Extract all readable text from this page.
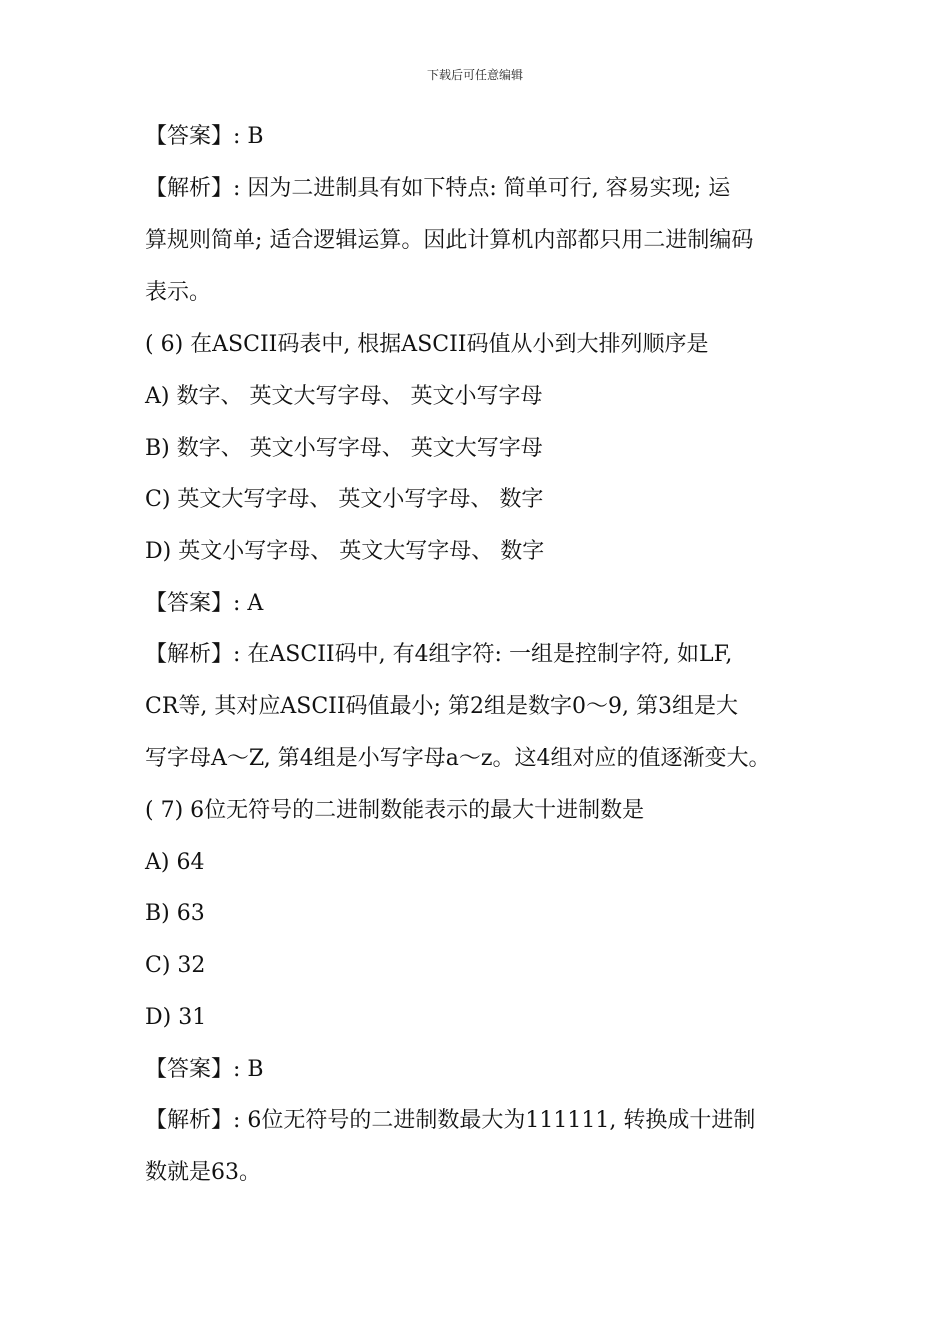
下载后可任意编辑
【答案】: B
【解析】: 因为二进制具有如下特点: 简单可行, 容易实现; 运
算规则简单; 适合逻辑运算。因此计算机内部都只用二进制编码
表示。
( 6) 在ASCII码表中, 根据ASCII码值从小到大排列顺序是
A) 数字、 英文大写字母、 英文小写字母
B) 数字、 英文小写字母、 英文大写字母
C) 英文大写字母、 英文小写字母、 数字
D) 英文小写字母、 英文大写字母、 数字
【答案】: A
【解析】: 在ASCII码中, 有4组字符: 一组是控制字符, 如LF,
CR等, 其对应ASCII码值最小; 第2组是数字0～9, 第3组是大
写字母A～Z, 第4组是小写字母a～z。这4组对应的值逐渐变大。
( 7) 6位无符号的二进制数能表示的最大十进制数是
A) 64
B) 63
C) 32
D) 31
【答案】: B
【解析】: 6位无符号的二进制数最大为111111, 转换成十进制
数就是63。
